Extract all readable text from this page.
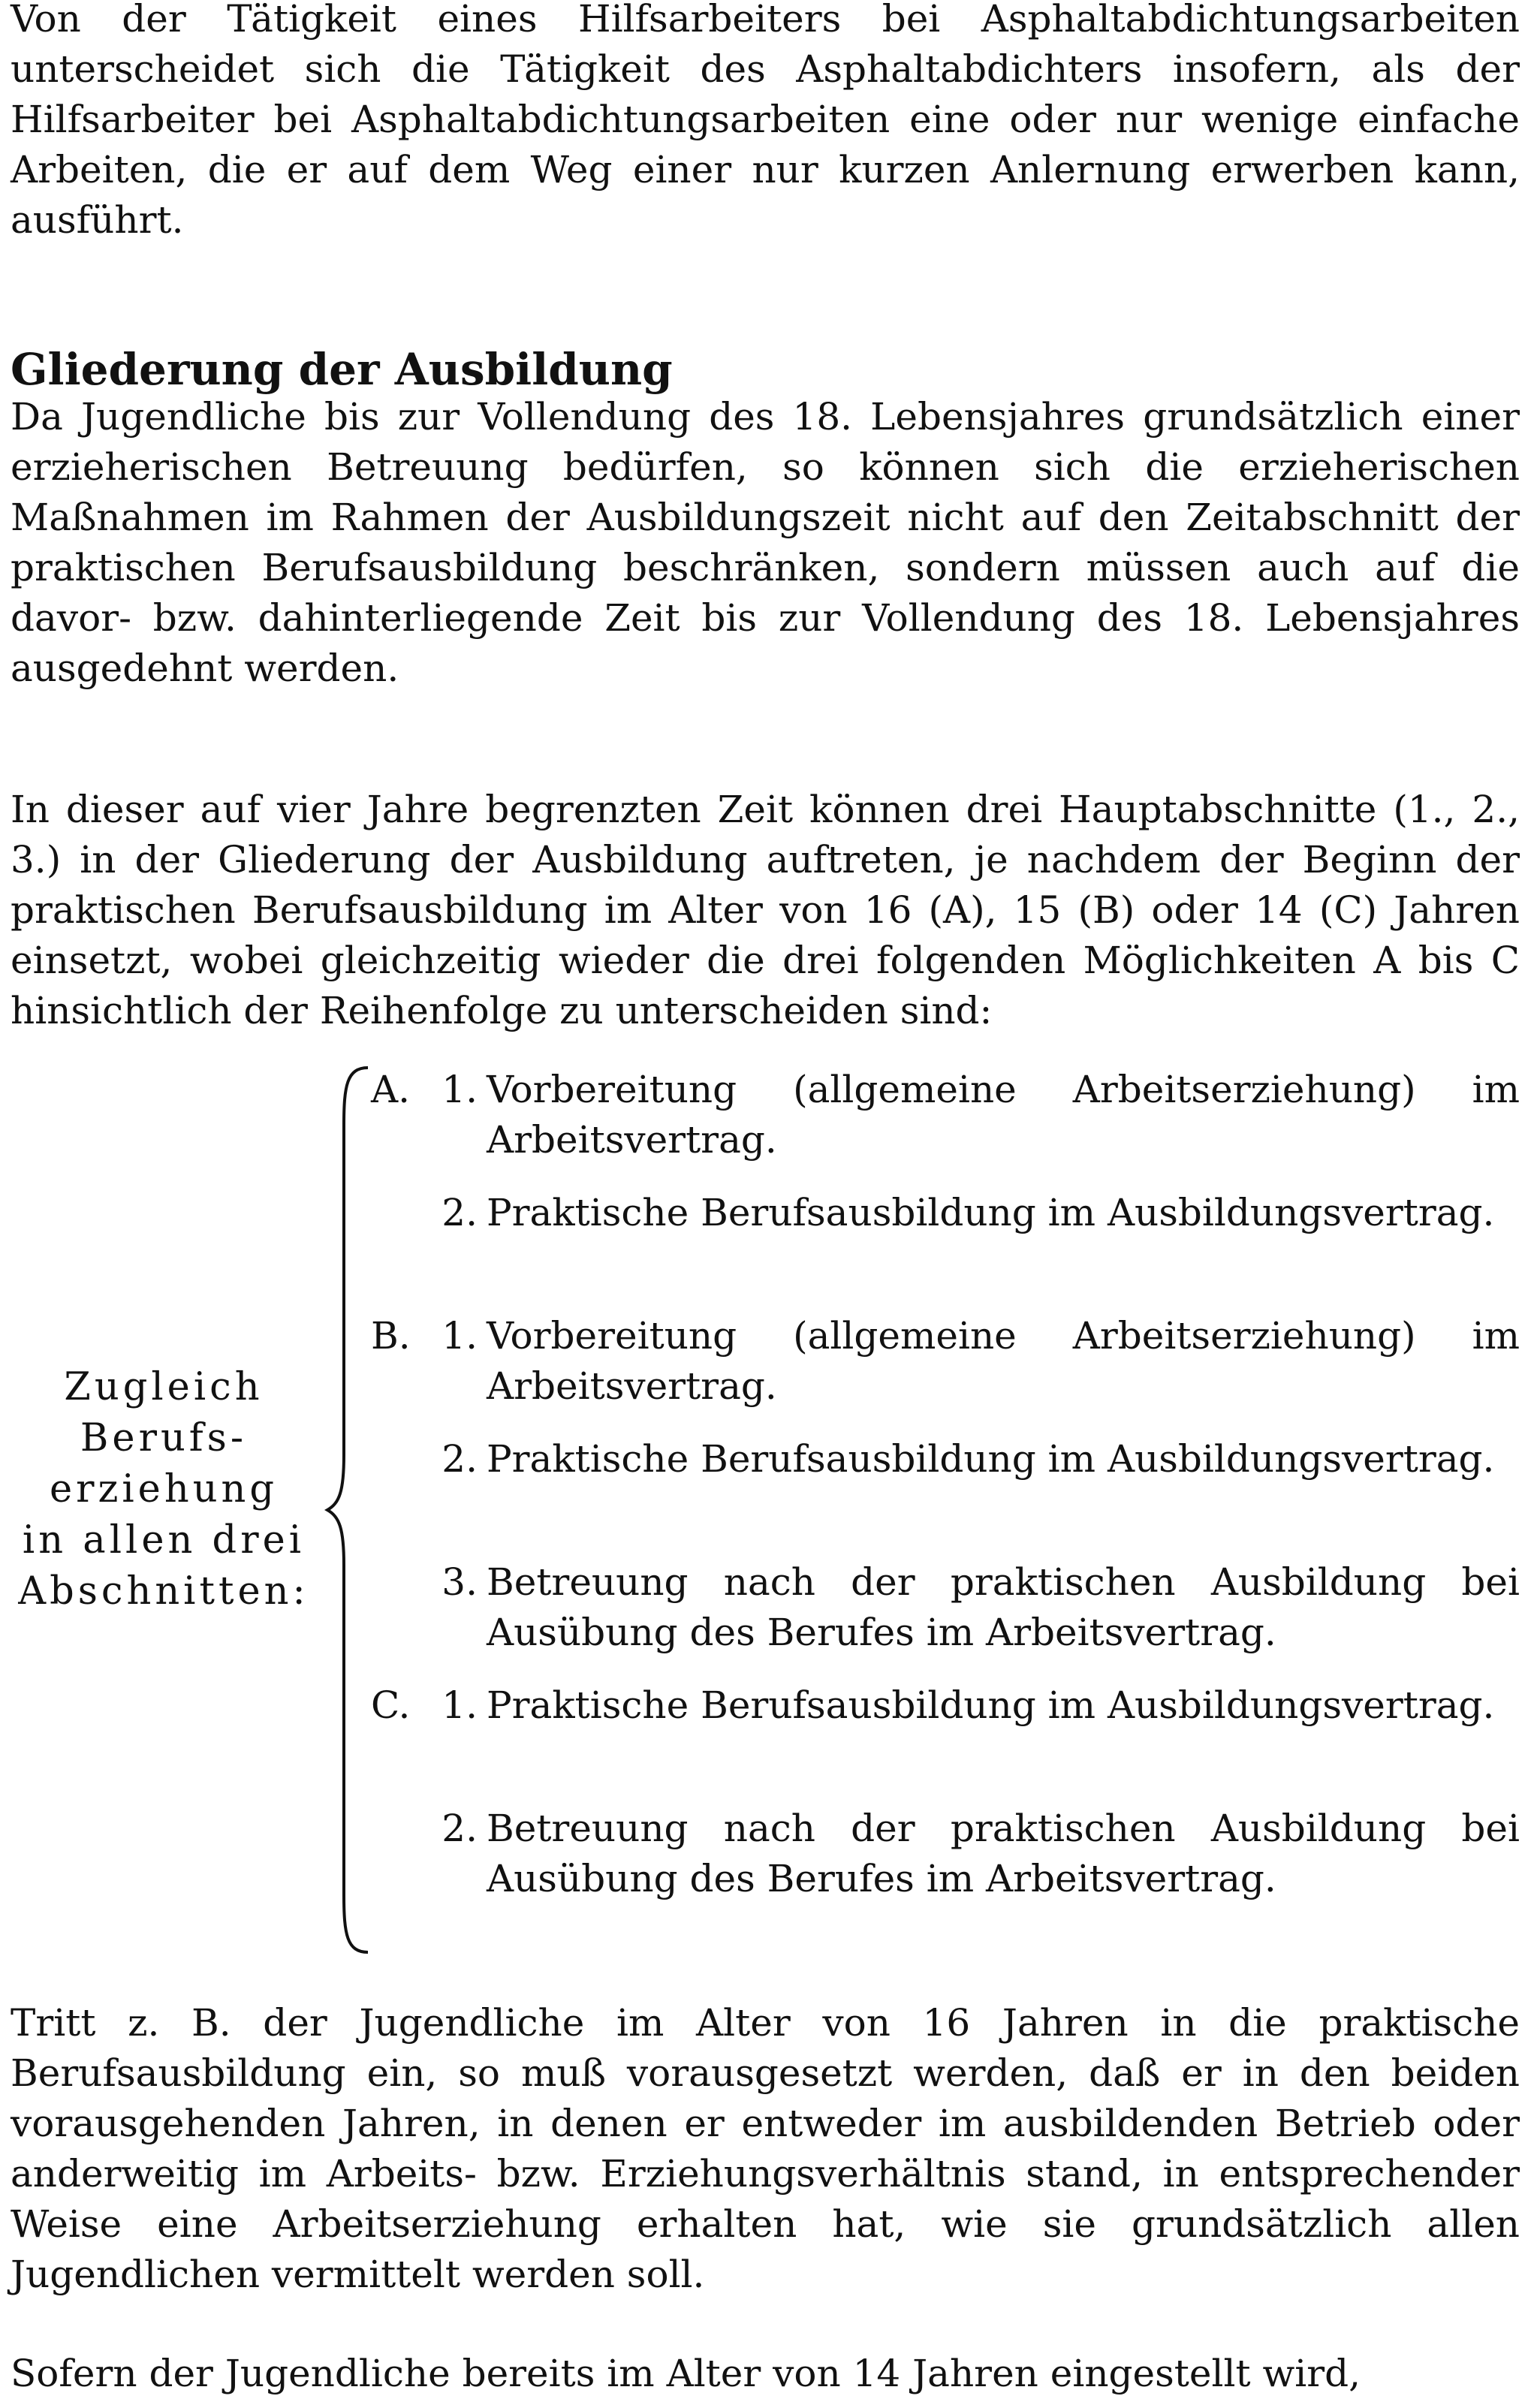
Von der Tätigkeit eines Hilfsarbeiters bei Asphaltabdichtungsarbeiten unterscheidet sich die Tätigkeit des Asphaltabdichters insofern, als der Hilfsarbeiter bei Asphaltabdichtungsarbeiten eine oder nur wenige einfache Arbeiten, die er auf dem Weg einer nur kurzen Anlernung erwerben kann, ausführt.

Gliederung der Ausbildung

Da Jugendliche bis zur Vollendung des 18. Lebensjahres grundsätzlich einer erzieherischen Betreuung bedürfen, so können sich die erzieherischen Maßnahmen im Rahmen der Ausbildungszeit nicht auf den Zeitabschnitt der praktischen Berufsausbildung beschränken, sondern müssen auch auf die davor- bzw. dahinterliegende Zeit bis zur Vollendung des 18. Lebensjahres ausgedehnt werden.

In dieser auf vier Jahre begrenzten Zeit können drei Hauptabschnitte (1., 2., 3.) in der Gliederung der Ausbildung auftreten, je nachdem der Beginn der praktischen Berufsausbildung im Alter von 16 (A), 15 (B) oder 14 (C) Jahren einsetzt, wobei gleichzeitig wieder die drei folgenden Möglichkeiten A bis C hinsichtlich der Reihenfolge zu unterscheiden sind:

Zugleich
Berufs-
erziehung
in allen drei
Abschnitten:
A. 1. Vorbereitung (allgemeine Arbeitserziehung) im Arbeitsvertrag.
2. Praktische Berufsausbildung im Ausbildungsvertrag.
B. 1. Vorbereitung (allgemeine Arbeitserziehung) im Arbeitsvertrag.
2. Praktische Berufsausbildung im Ausbildungsvertrag.
3. Betreuung nach der praktischen Ausbildung bei Ausübung des Berufes im Arbeitsvertrag.
C. 1. Praktische Berufsausbildung im Ausbildungsvertrag.
2. Betreuung nach der praktischen Ausbildung bei Ausübung des Berufes im Arbeitsvertrag.

Tritt z. B. der Jugendliche im Alter von 16 Jahren in die praktische Berufsausbildung ein, so muß vorausgesetzt werden, daß er in den beiden vorausgehenden Jahren, in denen er entweder im ausbildenden Betrieb oder anderweitig im Arbeits- bzw. Erziehungsverhältnis stand, in entsprechender Weise eine Arbeitserziehung erhalten hat, wie sie grundsätzlich allen Jugendlichen vermittelt werden soll.

Sofern der Jugendliche bereits im Alter von 14 Jahren eingestellt wird,
